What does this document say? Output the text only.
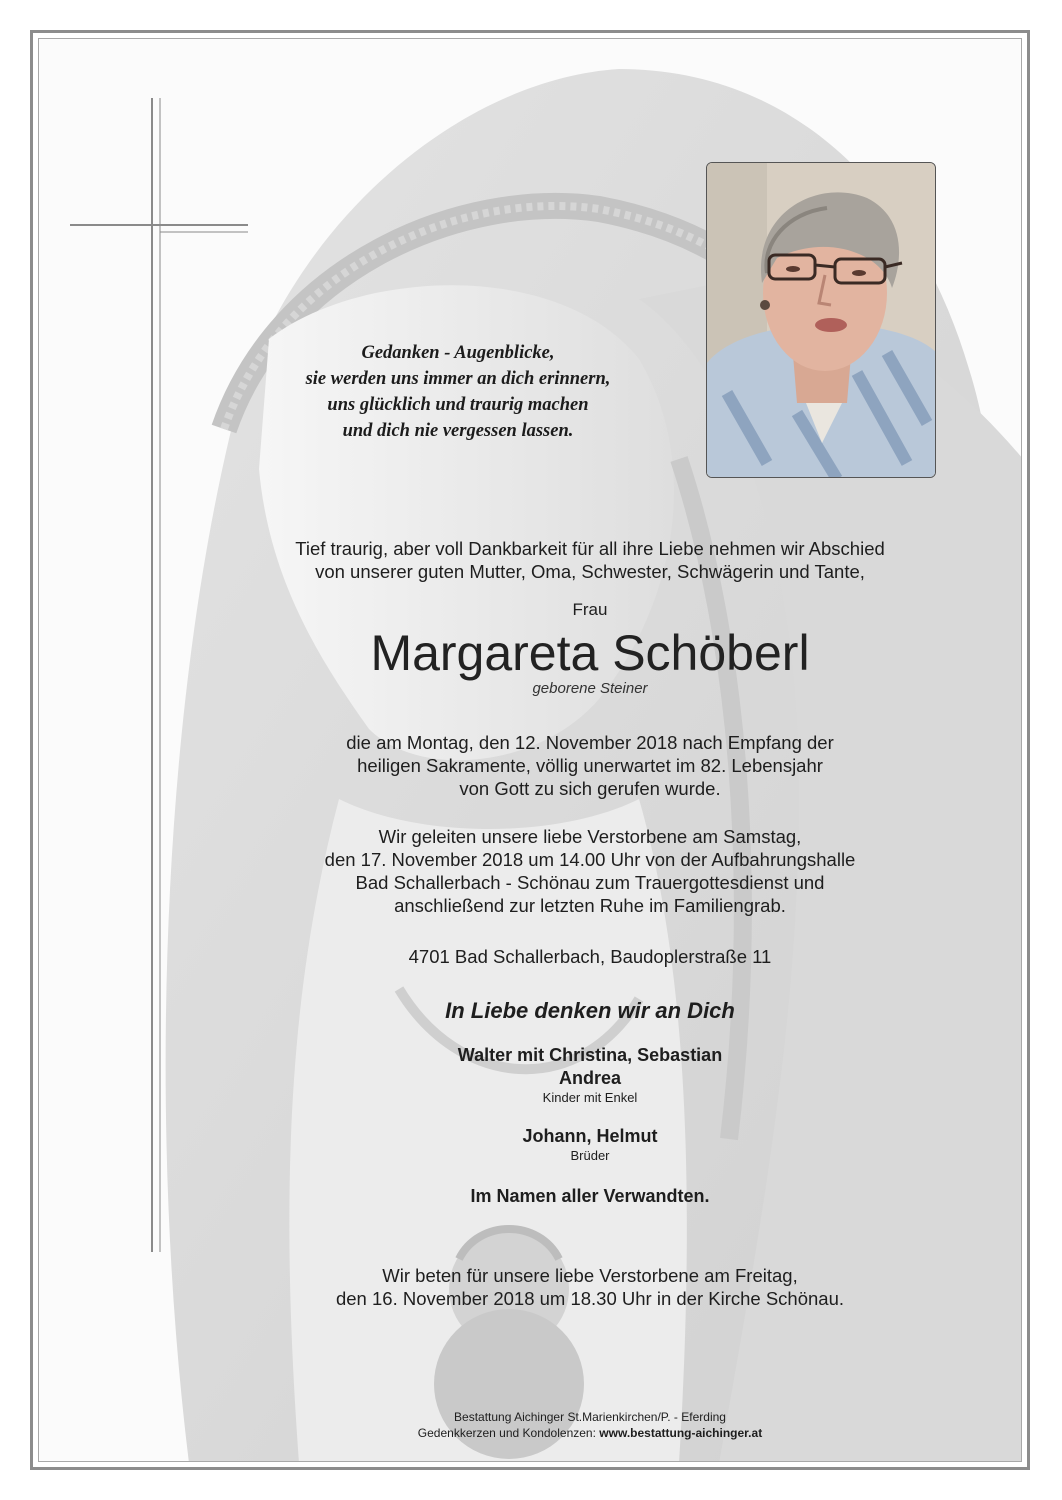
Gedanken - Augenblicke,
sie werden uns immer an dich erinnern,
uns glücklich und traurig machen
und dich nie vergessen lassen.
Tief traurig, aber voll Dankbarkeit für all ihre Liebe nehmen wir Abschied
von unserer guten Mutter, Oma, Schwester, Schwägerin und Tante,
Frau
Margareta Schöberl
geborene Steiner
die am Montag, den 12. November 2018 nach Empfang der
heiligen Sakramente, völlig unerwartet im 82. Lebensjahr
von Gott zu sich gerufen wurde.
Wir geleiten unsere liebe Verstorbene am Samstag,
den 17. November 2018 um 14.00 Uhr von der Aufbahrungshalle
Bad Schallerbach - Schönau zum Trauergottesdienst und
anschließend zur letzten Ruhe im Familiengrab.
4701 Bad Schallerbach, Baudoplerstraße 11
In Liebe denken wir an Dich
Walter mit Christina, Sebastian
Andrea
Kinder mit Enkel
Johann, Helmut
Brüder
Im Namen aller Verwandten.
Wir beten für unsere liebe Verstorbene am Freitag,
den 16. November 2018 um 18.30 Uhr in der Kirche Schönau.
Bestattung Aichinger St.Marienkirchen/P. - Eferding
Gedenkkerzen und Kondolenzen: www.bestattung-aichinger.at
